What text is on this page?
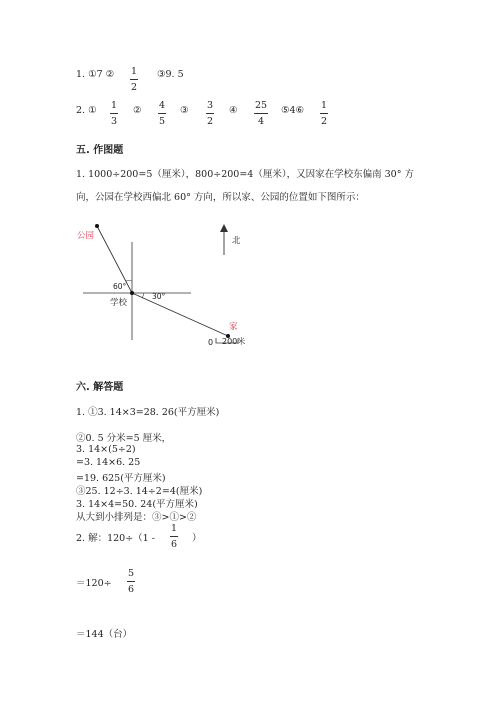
1. ①7 ② 1
2
③9. 5
2. ① 1
3
② 4
5
③ 3
2
④ 25
4
⑤4⑥ 1
2
五. 作图题
1. 1000÷200=5（厘米），800÷200=4（厘米），又因家在学校东偏南 30° 方
向，公园在学校西偏北 60° 方向，所以家、公园的位置如下图所示：
公园
60°
30°
学校
家
北
0 200米
六. 解答题
1. ①3. 14×3=28. 26(平方厘米)
②0. 5 分米=5 厘米，
3. 14×(5÷2)
=3. 14×6. 25
=19. 625(平方厘米)
③25. 12÷3. 14÷2=4(厘米)
3. 14×4=50. 24(平方厘米)
从大到小排列是：③>①>②
2. 解：120÷（1 -
1
6 ）
＝120÷
5
6
＝144（台）
